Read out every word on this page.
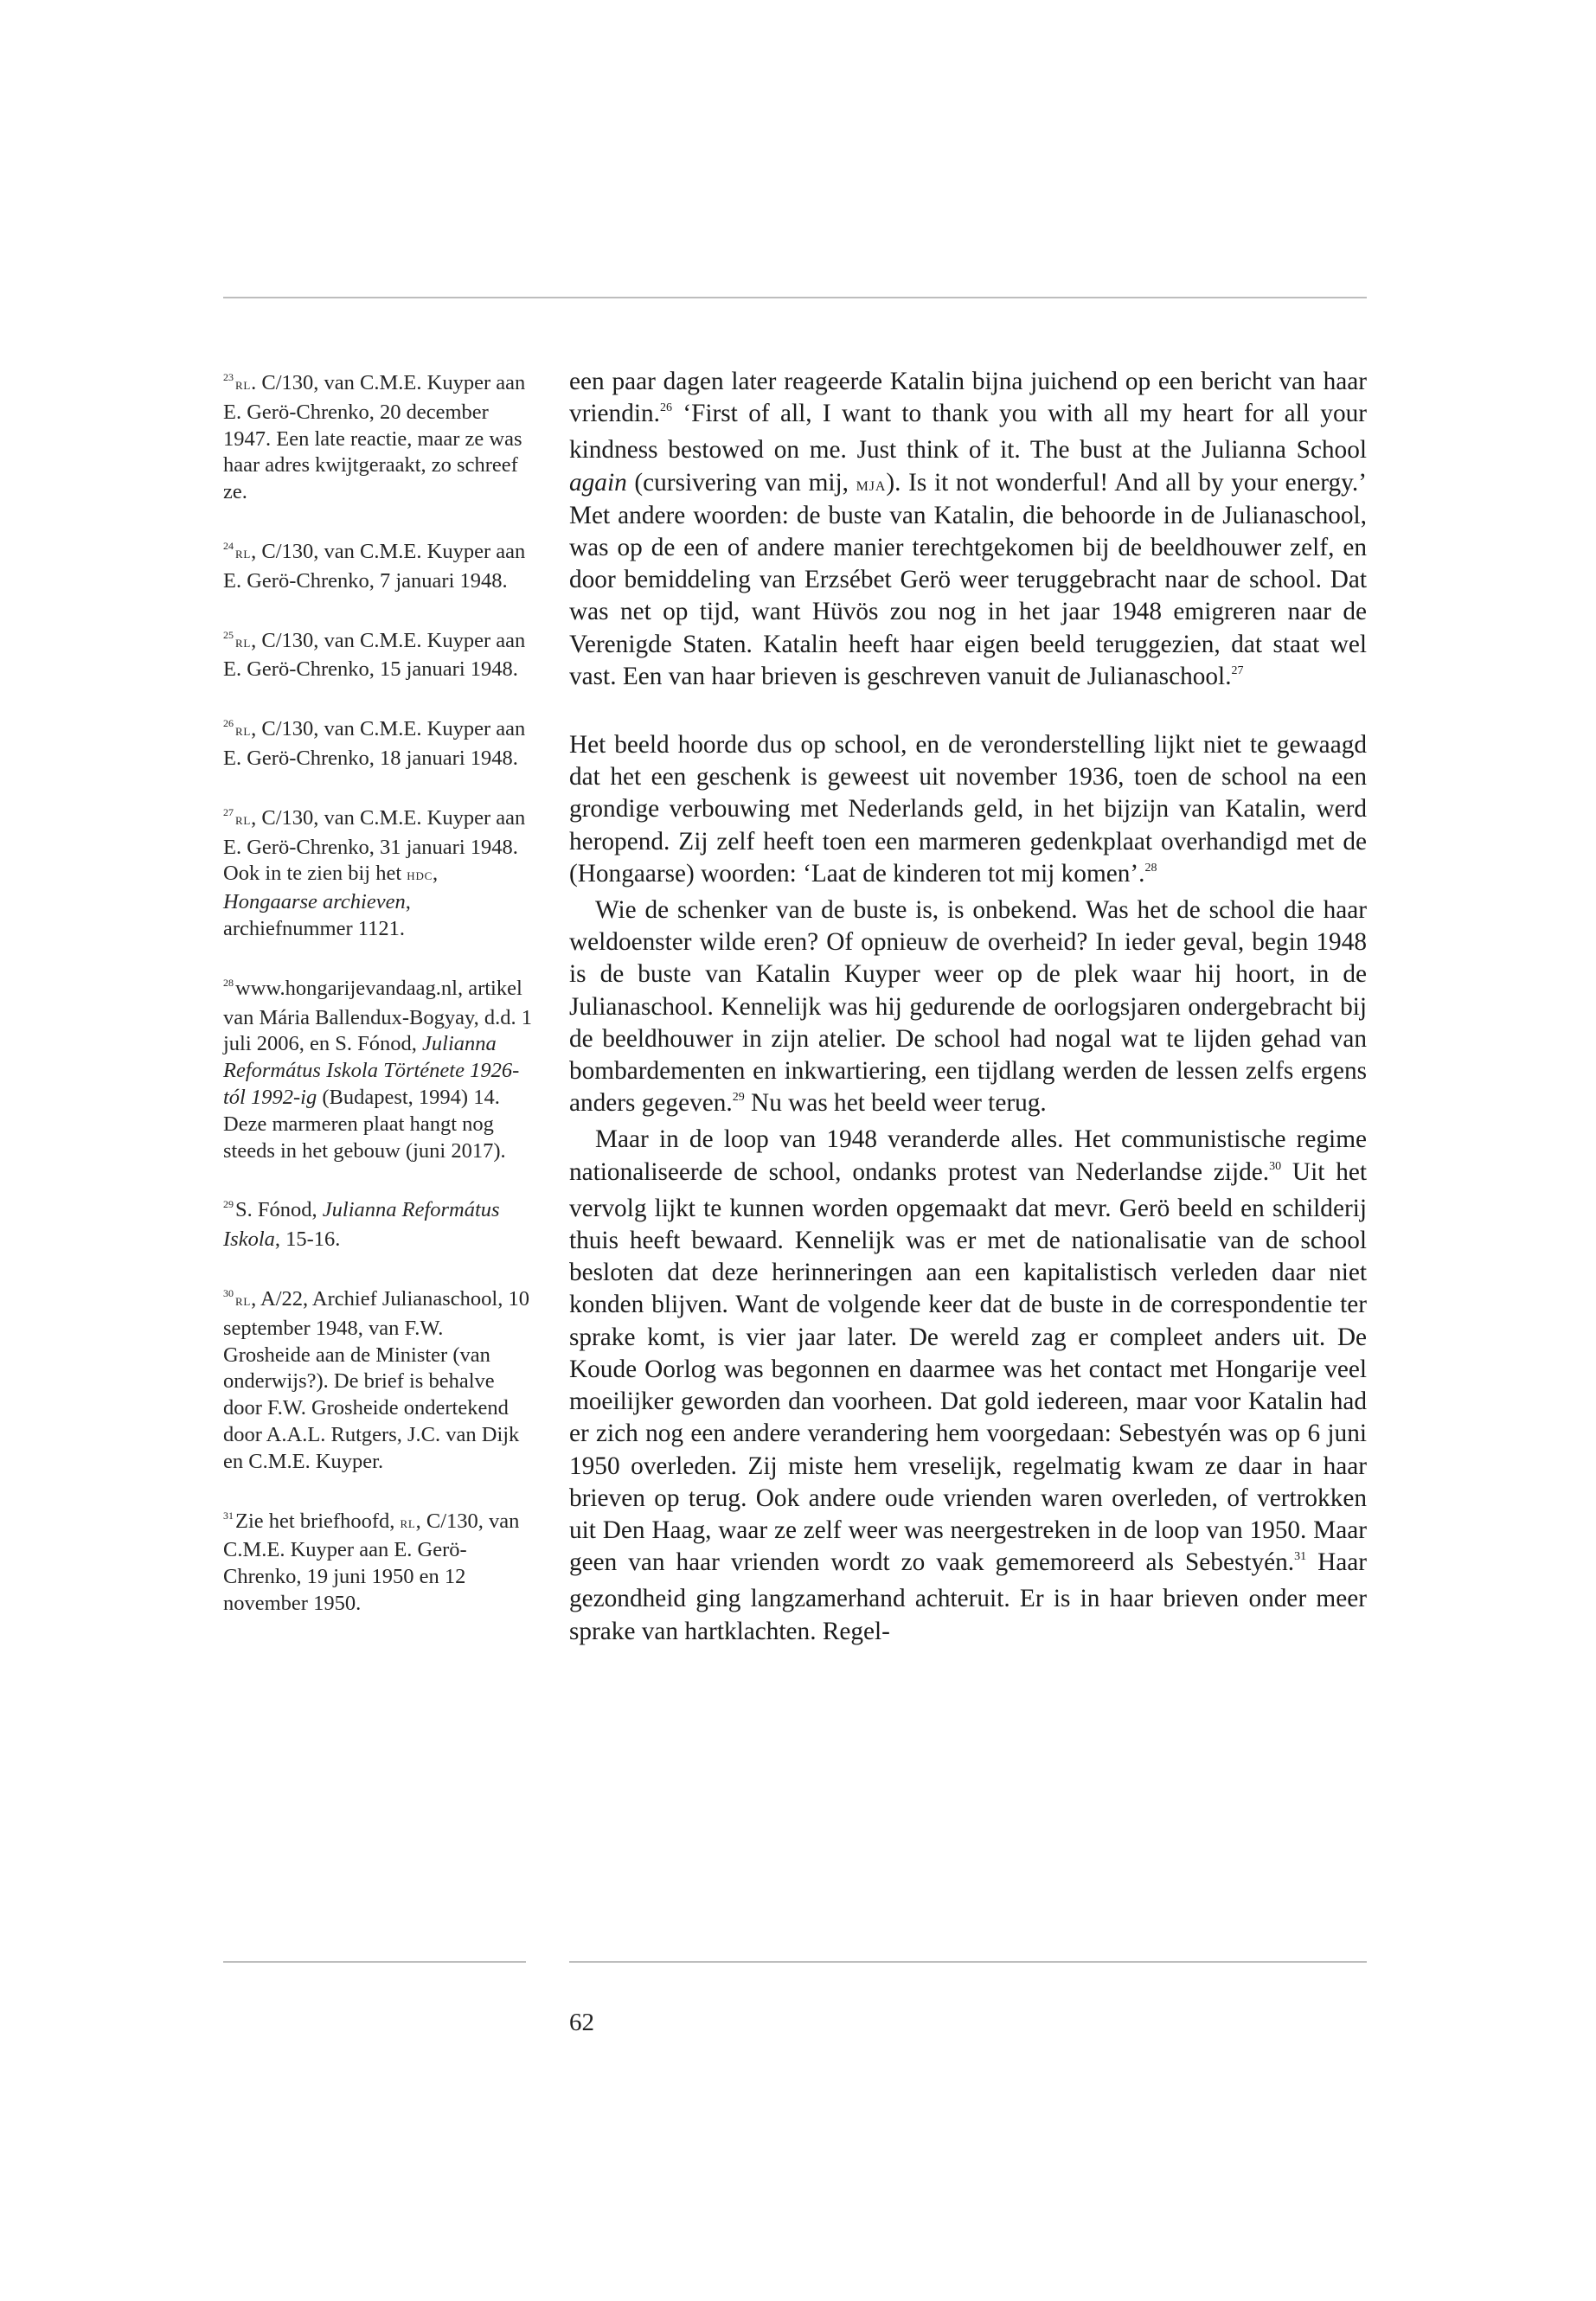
$^{23}$ rl. C/130, van C.M.E. Kuyper aan E. Gerö-Chrenko, 20 december 1947. Een late reactie, maar ze was haar adres kwijtgeraakt, zo schreef ze.
$^{24}$ rl, C/130, van C.M.E. Kuyper aan E. Gerö-Chrenko, 7 januari 1948.
$^{25}$ rl, C/130, van C.M.E. Kuyper aan E. Gerö-Chrenko, 15 januari 1948.
$^{26}$ rl, C/130, van C.M.E. Kuyper aan E. Gerö-Chrenko, 18 januari 1948.
$^{27}$ rl, C/130, van C.M.E. Kuyper aan E. Gerö-Chrenko, 31 januari 1948. Ook in te zien bij het hdc, Hongaarse archieven, archiefnummer 1121.
$^{28}$www.hongarijevandaag.nl, artikel van Mária Ballendux-Bogyay, d.d. 1 juli 2006, en S. Fónod, Julianna Református Iskola Története 1926-tól 1992-ig (Budapest, 1994) 14. Deze marmeren plaat hangt nog steeds in het gebouw (juni 2017).
$^{29}$S. Fónod, Julianna Református Iskola, 15-16.
$^{30}$ rl, A/22, Archief Julianaschool, 10 september 1948, van F.W. Grosheide aan de Minister (van onderwijs?). De brief is behalve door F.W. Grosheide ondertekend door A.A.L. Rutgers, J.C. van Dijk en C.M.E. Kuyper.
$^{31}$Zie het briefhoofd, rl, C/130, van C.M.E. Kuyper aan E. Gerö-Chrenko, 19 juni 1950 en 12 november 1950.

een paar dagen later reageerde Katalin bijna juichend op een bericht van haar vriendin.$^{26}$ ‘First of all, I want to thank you with all my heart for all your kindness bestowed on me. Just think of it. The bust at the Julianna School again (cursivering van mij, mja). Is it not wonderful! And all by your energy.’ Met andere woorden: de buste van Katalin, die behoorde in de Julianaschool, was op de een of andere manier terechtgekomen bij de beeldhouwer zelf, en door bemiddeling van Erzsébet Gerö weer teruggebracht naar de school. Dat was net op tijd, want Hüvös zou nog in het jaar 1948 emigreren naar de Verenigde Staten. Katalin heeft haar eigen beeld teruggezien, dat staat wel vast. Een van haar brieven is geschreven vanuit de Julianaschool.$^{27}$

Het beeld hoorde dus op school, en de veronderstelling lijkt niet te gewaagd dat het een geschenk is geweest uit november 1936, toen de school na een grondige verbouwing met Nederlands geld, in het bijzijn van Katalin, werd heropend. Zij zelf heeft toen een marmeren gedenkplaat overhandigd met de (Hongaarse) woorden: ‘Laat de kinderen tot mij komen’.$^{28}$

Wie de schenker van de buste is, is onbekend. Was het de school die haar weldoenster wilde eren? Of opnieuw de overheid? In ieder geval, begin 1948 is de buste van Katalin Kuyper weer op de plek waar hij hoort, in de Julianaschool. Kennelijk was hij gedurende de oorlogsjaren ondergebracht bij de beeldhouwer in zijn atelier. De school had nogal wat te lijden gehad van bombardementen en inkwartiering, een tijdlang werden de lessen zelfs ergens anders gegeven.$^{29}$ Nu was het beeld weer terug.

Maar in de loop van 1948 veranderde alles. Het communistische regime nationaliseerde de school, ondanks protest van Nederlandse zijde.$^{30}$ Uit het vervolg lijkt te kunnen worden opgemaakt dat mevr. Gerö beeld en schilderij thuis heeft bewaard. Kennelijk was er met de nationalisatie van de school besloten dat deze herinneringen aan een kapitalistisch verleden daar niet konden blijven. Want de volgende keer dat de buste in de correspondentie ter sprake komt, is vier jaar later. De wereld zag er compleet anders uit. De Koude Oorlog was begonnen en daarmee was het contact met Hongarije veel moeilijker geworden dan voorheen. Dat gold iedereen, maar voor Katalin had er zich nog een andere verandering hem voorgedaan: Sebestyén was op 6 juni 1950 overleden. Zij miste hem vreselijk, regelmatig kwam ze daar in haar brieven op terug. Ook andere oude vrienden waren overleden, of vertrokken uit Den Haag, waar ze zelf weer was neergestreken in de loop van 1950. Maar geen van haar vrienden wordt zo vaak gememoreerd als Sebestyén.$^{31}$ Haar gezondheid ging langzamerhand achteruit. Er is in haar brieven onder meer sprake van hartklachten. Regel-

62
